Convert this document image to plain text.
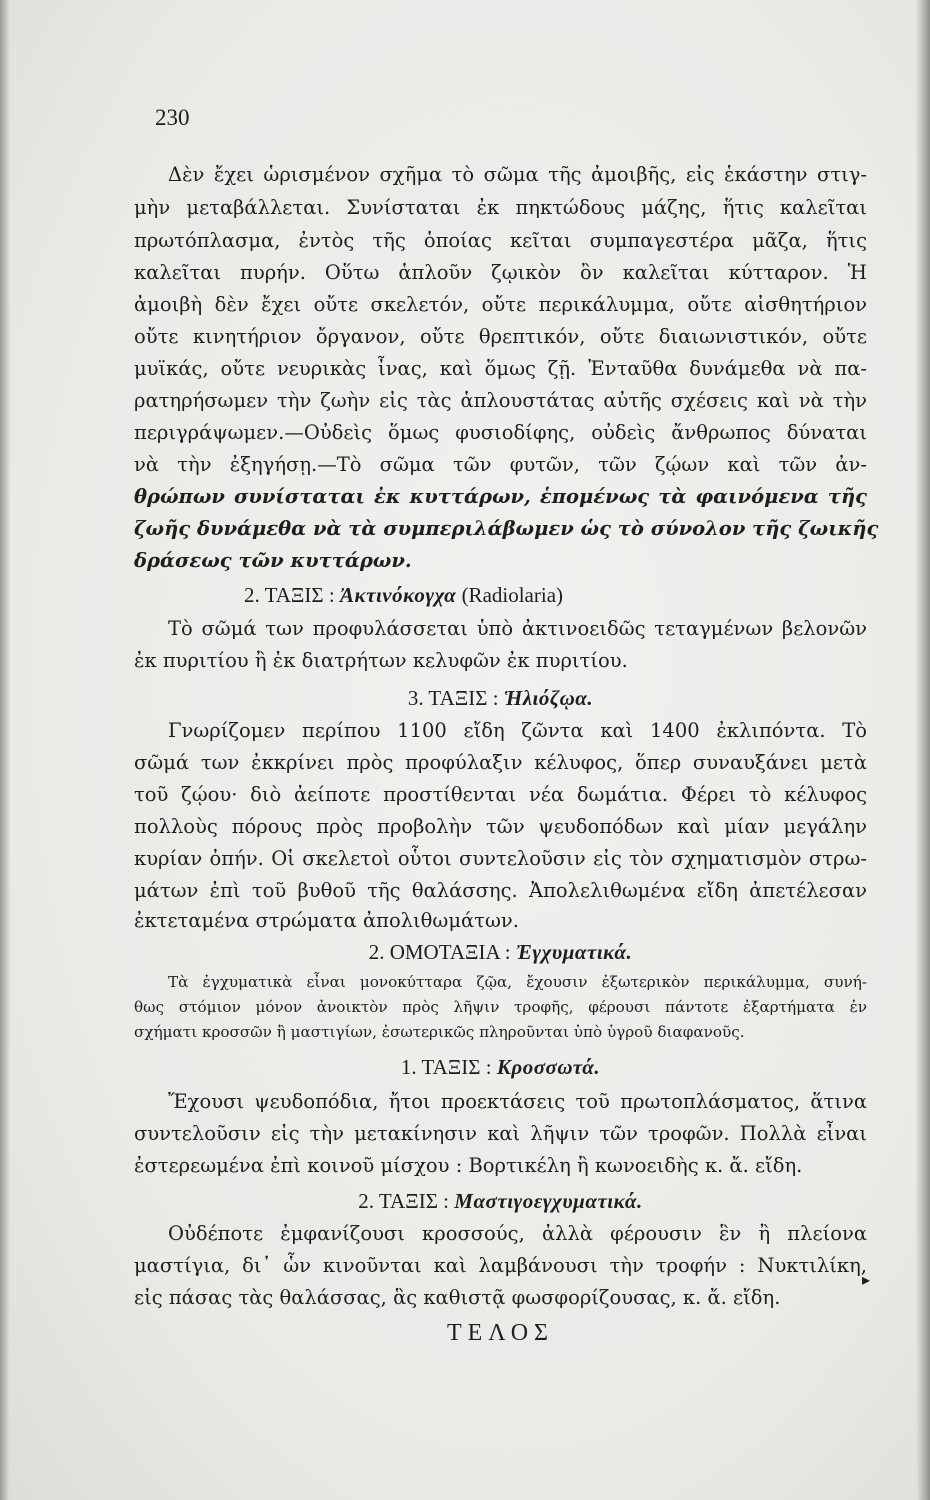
230
Δὲν ἔχει ὡρισμένον σχῆμα τὸ σῶμα τῆς ἀμοιβῆς, εἰς ἑκάστην στιγ-
μὴν μεταβάλλεται. Συνίσταται ἐκ πηκτώδους μάζης, ἥτις καλεῖται
πρωτόπλασμα, ἐντὸς τῆς ὁποίας κεῖται συμπαγεστέρα μᾶζα, ἥτις
καλεῖται πυρήν. Οὕτω ἁπλοῦν ζῳικὸν ὂν καλεῖται κύτταρον. Ἡ
ἀμοιβὴ δὲν ἔχει οὔτε σκελετόν, οὔτε περικάλυμμα, οὔτε αἰσθητήριον
οὔτε κινητήριον ὄργανον, οὔτε θρεπτικόν, οὔτε διαιωνιστικόν, οὔτε
μυϊκάς, οὔτε νευρικὰς ἶνας, καὶ ὅμως ζῇ. Ἐνταῦθα δυνάμεθα νὰ πα-
ρατηρήσωμεν τὴν ζωὴν εἰς τὰς ἁπλουστάτας αὐτῆς σχέσεις καὶ νὰ τὴν
περιγράψωμεν.—Οὐδεὶς ὅμως φυσιοδίφης, οὐδεὶς ἄνθρωπος δύναται
νὰ τὴν ἐξηγήσῃ.—Τὸ σῶμα τῶν φυτῶν, τῶν ζῴων καὶ τῶν ἀν-
θρώπων συνίσταται ἐκ κυττάρων, ἑπομένως τὰ φαινόμενα τῆς
ζωῆς δυνάμεθα νὰ τὰ συμπεριλάβωμεν ὡς τὸ σύνολον τῆς ζωικῆς
δράσεως τῶν κυττάρων.
2. ΤΑΞΙΣ : Ἀκτινόκογχα (Radiolaria)
Τὸ σῶμά των προφυλάσσεται ὑπὸ ἀκτινοειδῶς τεταγμένων βελονῶν
ἐκ πυριτίου ἢ ἐκ διατρήτων κελυφῶν ἐκ πυριτίου.
3. ΤΑΞΙΣ : Ἡλιόζῳα.
Γνωρίζομεν περίπου 1100 εἴδη ζῶντα καὶ 1400 ἐκλιπόντα. Τὸ
σῶμά των ἐκκρίνει πρὸς προφύλαξιν κέλυφος, ὅπερ συναυξάνει μετὰ
τοῦ ζῴου· διὸ ἀείποτε προστίθενται νέα δωμάτια. Φέρει τὸ κέλυφος
πολλοὺς πόρους πρὸς προβολὴν τῶν ψευδοπόδων καὶ μίαν μεγάλην
κυρίαν ὀπήν. Οἱ σκελετοὶ οὗτοι συντελοῦσιν εἰς τὸν σχηματισμὸν στρω-
μάτων ἐπὶ τοῦ βυθοῦ τῆς θαλάσσης. Ἀπολελιθωμένα εἴδη ἀπετέλεσαν
ἐκτεταμένα στρώματα ἀπολιθωμάτων.
2. ΟΜΟΤΑΞΙΑ : Ἐγχυματικά.
Τὰ ἐγχυματικὰ εἶναι μονοκύτταρα ζῷα, ἔχουσιν ἐξωτερικὸν περικάλυμμα, συνή-
θως στόμιον μόνον ἀνοικτὸν πρὸς λῆψιν τροφῆς, φέρουσι πάντοτε ἐξαρτήματα ἐν
σχήματι κροσσῶν ἢ μαστιγίων, ἐσωτερικῶς πληροῦνται ὑπὸ ὑγροῦ διαφανοῦς.
1. ΤΑΞΙΣ : Κροσσωτά.
Ἔχουσι ψευδοπόδια, ἤτοι προεκτάσεις τοῦ πρωτοπλάσματος, ἅτινα
συντελοῦσιν εἰς τὴν μετακίνησιν καὶ λῆψιν τῶν τροφῶν. Πολλὰ εἶναι
ἐστερεωμένα ἐπὶ κοινοῦ μίσχου : Βορτικέλη ἢ κωνοειδὴς κ. ἄ. εἴδη.
2. ΤΑΞΙΣ : Μαστιγοεγχυματικά.
Οὐδέποτε ἐμφανίζουσι κροσσούς, ἀλλὰ φέρουσιν ἓν ἢ πλείονα
μαστίγια, δι᾽ ὧν κινοῦνται καὶ λαμβάνουσι τὴν τροφήν : Νυκτιλίκη,
εἰς πάσας τὰς θαλάσσας, ἃς καθιστᾷ φωσφορίζουσας, κ. ἄ. εἴδη.
ΤΕΛΟΣ
▸
